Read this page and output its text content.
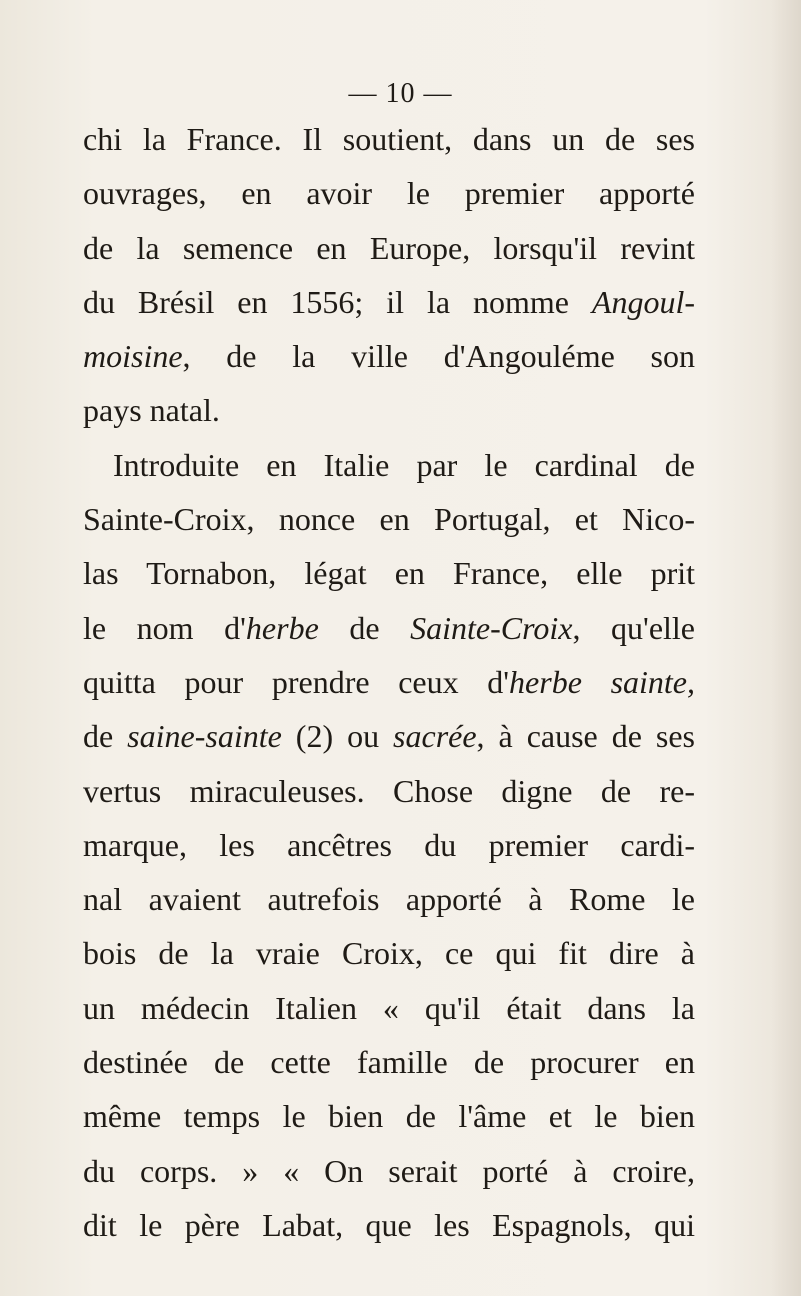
— 10 —
chi la France. Il soutient, dans un de ses
ouvrages, en avoir le premier apporté
de la semence en Europe, lorsqu'il revint
du Brésil en 1556; il la nomme Angoul-
moisine, de la ville d'Angouléme son
pays natal.
Introduite en Italie par le cardinal de
Sainte-Croix, nonce en Portugal, et Nico-
las Tornabon, légat en France, elle prit
le nom d'herbe de Sainte-Croix, qu'elle
quitta pour prendre ceux d'herbe sainte,
de saine-sainte (2) ou sacrée, à cause de ses
vertus miraculeuses. Chose digne de re-
marque, les ancêtres du premier cardi-
nal avaient autrefois apporté à Rome le
bois de la vraie Croix, ce qui fit dire à
un médecin Italien « qu'il était dans la
destinée de cette famille de procurer en
même temps le bien de l'âme et le bien
du corps. » « On serait porté à croire,
dit le père Labat, que les Espagnols, qui
